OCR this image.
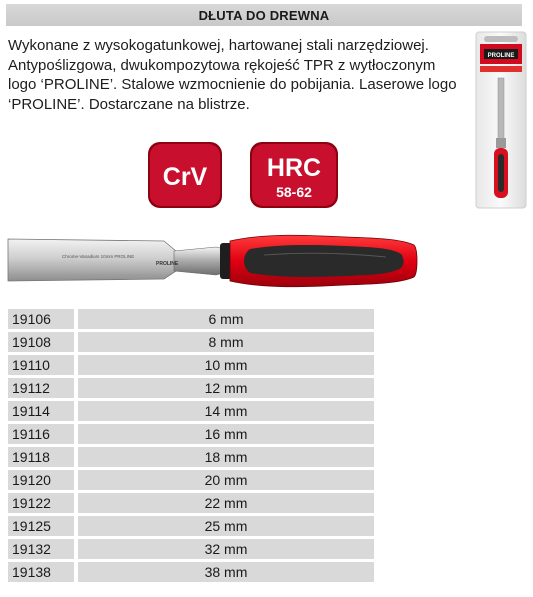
DŁUTA DO DREWNA
Wykonane z wysokogatunkowej, hartowanej stali narzędziowej.
Antypoślizgowa, dwukompozytowa rękojeść TPR z wytłoczonym
logo ‘PROLINE’. Stalowe wzmocnienie do pobijania. Laserowe logo
‘PROLINE’. Dostarczane na blistrze.
PROLINE
CrV HRC
58-62
Chrome-Vanadium 10mm PROLINE
PROLINE
19106	6 mm
19108	8 mm
19110	10 mm
19112	12 mm
19114	14 mm
19116	16 mm
19118	18 mm
19120	20 mm
19122	22 mm
19125	25 mm
19132	32 mm
19138	38 mm
